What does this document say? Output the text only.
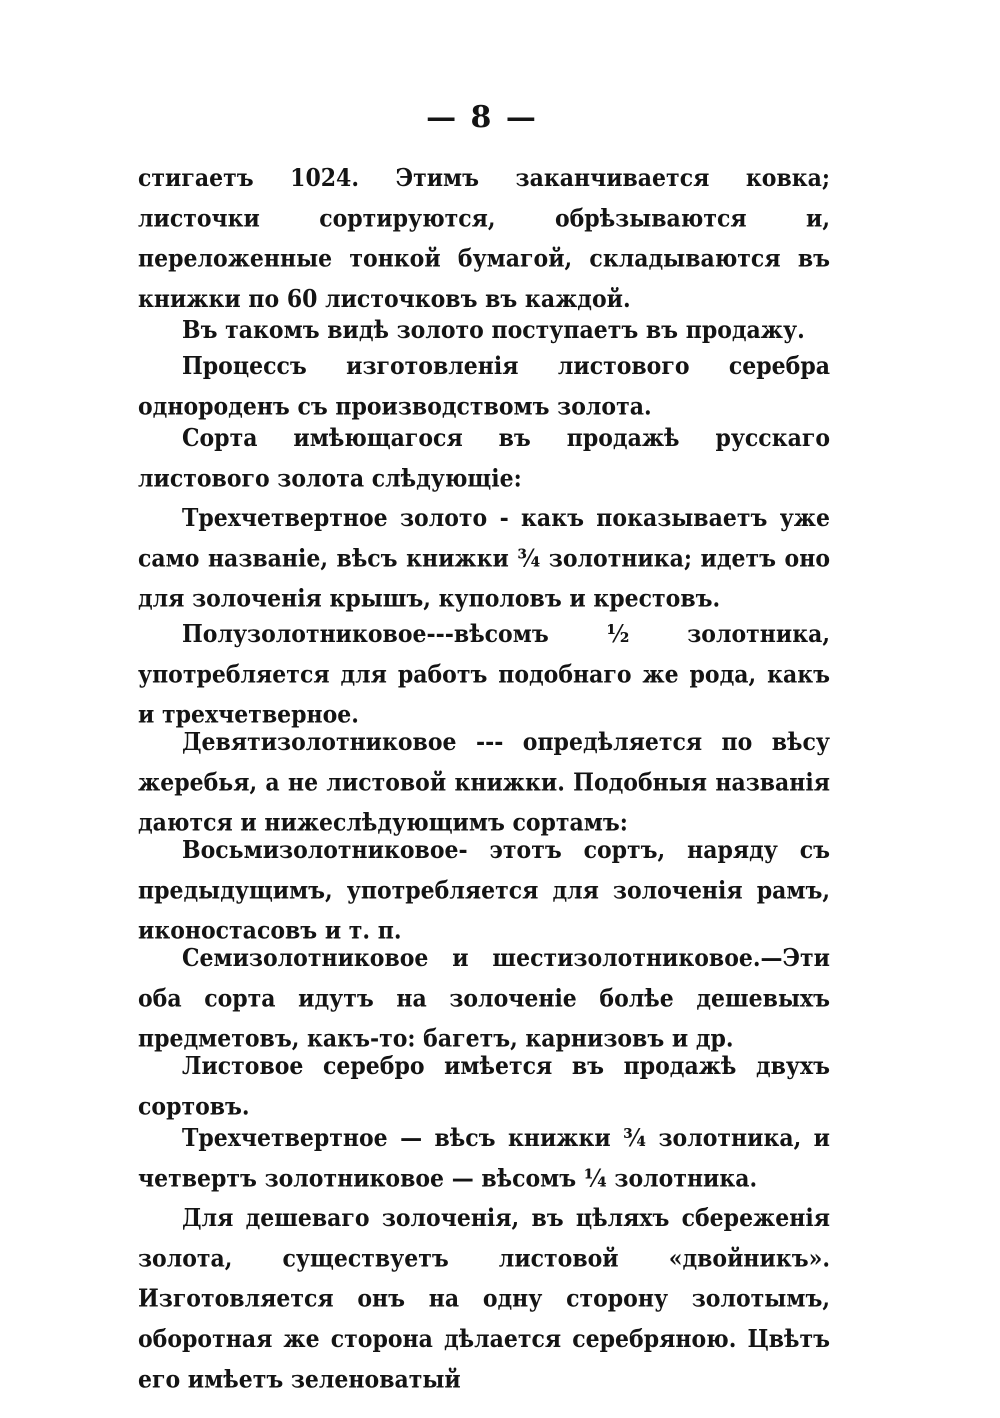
— 8 —

стигаетъ 1024. Этимъ заканчивается ковка; листочки сортируются, обрѣзываются и, переложенные тонкой бумагой, складываются въ книжки по 60 листочковъ въ каждой.

Въ такомъ видѣ золото поступаетъ въ продажу.

Процессъ изготовленія листового серебра однороденъ съ производствомъ золота.

Сорта имѣющагося въ продажѣ русскаго листового золота слѣдующіе:

Трехчетвертное золото - какъ показываетъ уже само названіе, вѣсъ книжки ¾ золотника; идетъ оно для золоченія крышъ, куполовъ и крестовъ.

Полузолотниковое---вѣсомъ ½ золотника, употребляется для работъ подобнаго же рода, какъ и трехчетверное.

Девятизолотниковое --- опредѣляется по вѣсу жеребья, а не листовой книжки. Подобныя названія даются и нижеслѣдующимъ сортамъ:

Восьмизолотниковое- этотъ сортъ, наряду съ предыдущимъ, употребляется для золоченія рамъ, иконостасовъ и т. п.

Семизолотниковое и шестизолотниковое.—Эти оба сорта идутъ на золоченіе болѣе дешевыхъ предметовъ, какъ-то: багетъ, карнизовъ и др.

Листовое серебро имѣется въ продажѣ двухъ сортовъ.

Трехчетвертное — вѣсъ книжки ¾ золотника, и четвертъ золотниковое — вѣсомъ ¼ золотника.

Для дешеваго золоченія, въ цѣляхъ сбереженія золота, существуетъ листовой «двойникъ». Изготовляется онъ на одну сторону золотымъ, оборотная же сторона дѣлается серебряною. Цвѣтъ его имѣетъ зеленоватый
